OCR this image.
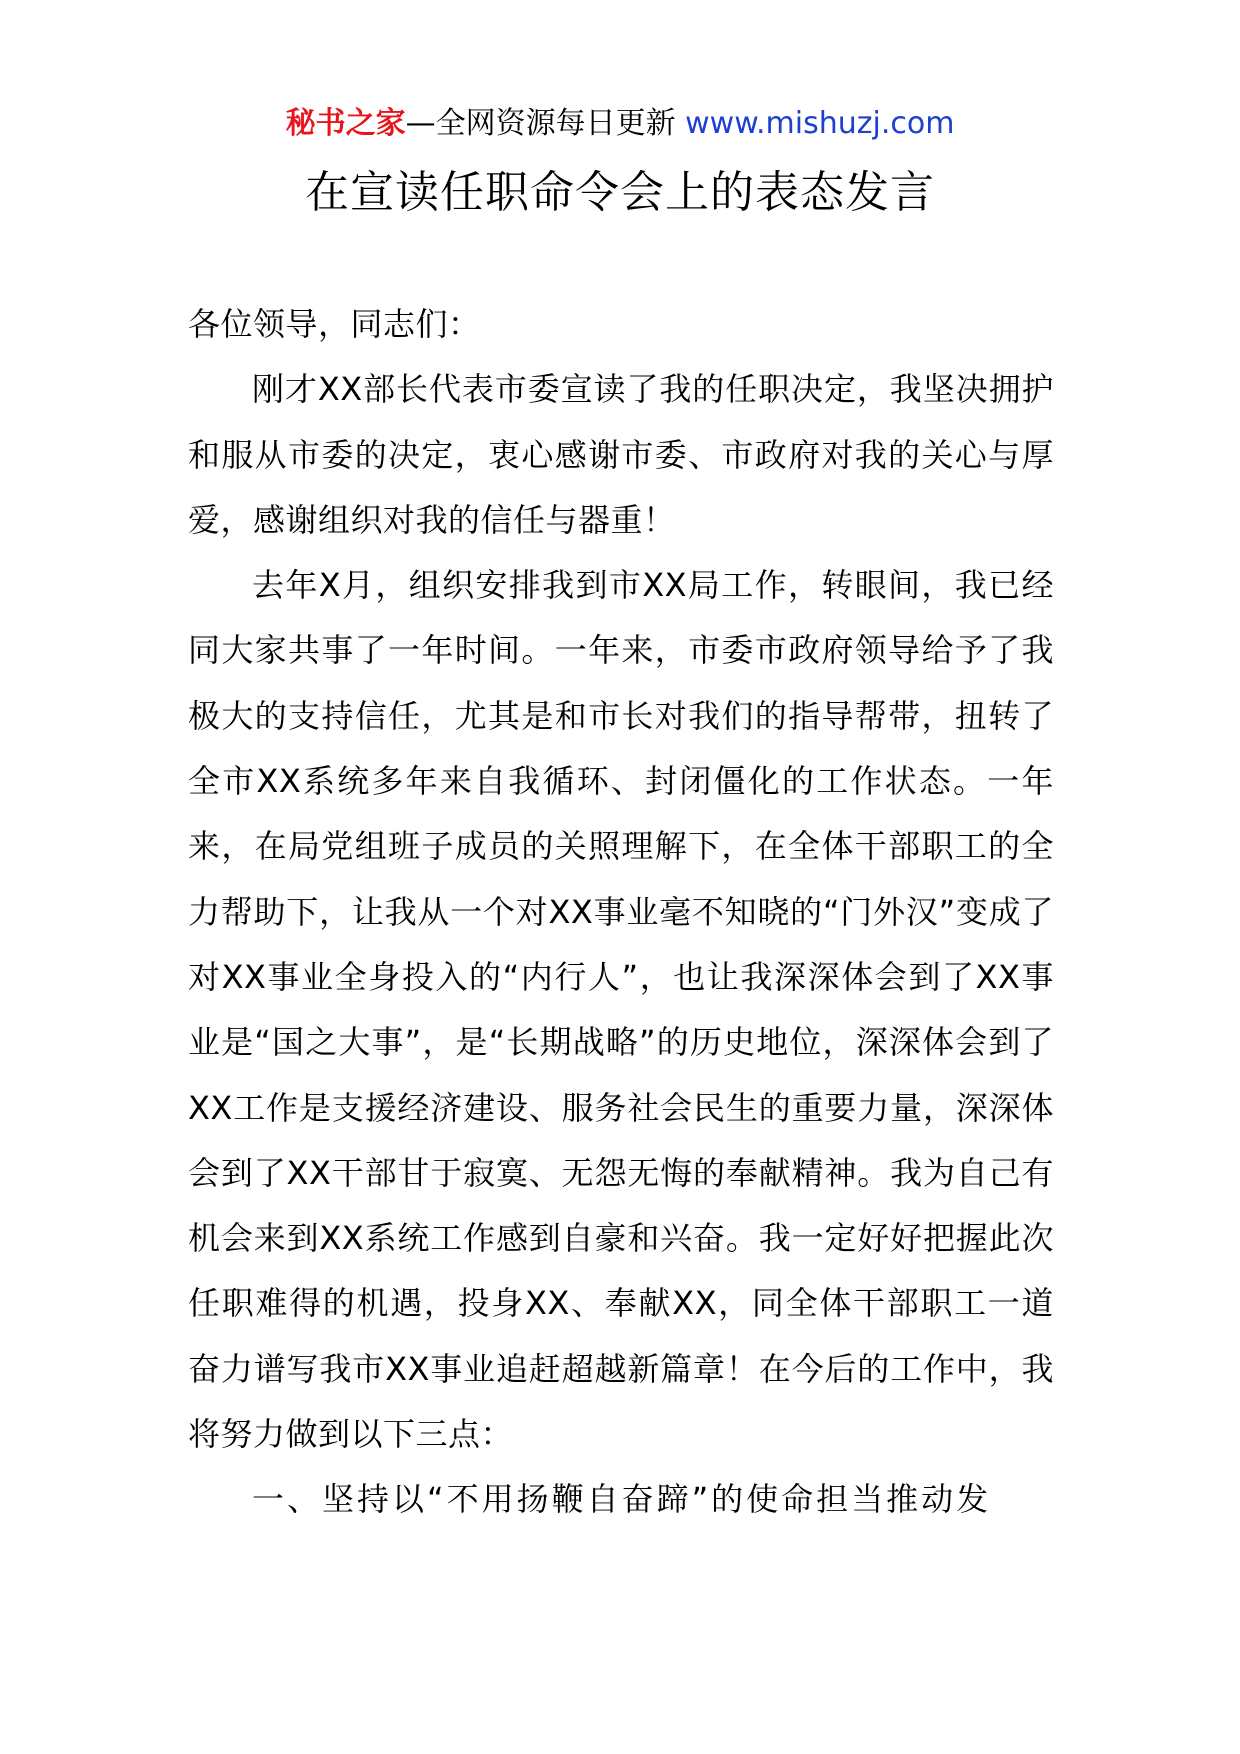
秘书之家—全网资源每日更新 www.mishuzj.com
在宣读任职命令会上的表态发言

各位领导，同志们：

刚才XX部长代表市委宣读了我的任职决定，我坚决拥护和服从市委的决定，衷心感谢市委、市政府对我的关心与厚爱，感谢组织对我的信任与器重！

去年X月，组织安排我到市XX局工作，转眼间，我已经同大家共事了一年时间。一年来，市委市政府领导给予了我极大的支持信任，尤其是和市长对我们的指导帮带，扭转了全市XX系统多年来自我循环、封闭僵化的工作状态。一年来，在局党组班子成员的关照理解下，在全体干部职工的全力帮助下，让我从一个对XX事业毫不知晓的“门外汉”变成了对XX事业全身投入的“内行人”，也让我深深体会到了XX事业是“国之大事”，是“长期战略”的历史地位，深深体会到了XX工作是支援经济建设、服务社会民生的重要力量，深深体会到了XX干部甘于寂寞、无怨无悔的奉献精神。我为自己有机会来到XX系统工作感到自豪和兴奋。我一定好好把握此次任职难得的机遇，投身XX、奉献XX，同全体干部职工一道奋力谱写我市XX事业追赶超越新篇章！在今后的工作中，我将努力做到以下三点：

一、坚持以“不用扬鞭自奋蹄”的使命担当推动发
